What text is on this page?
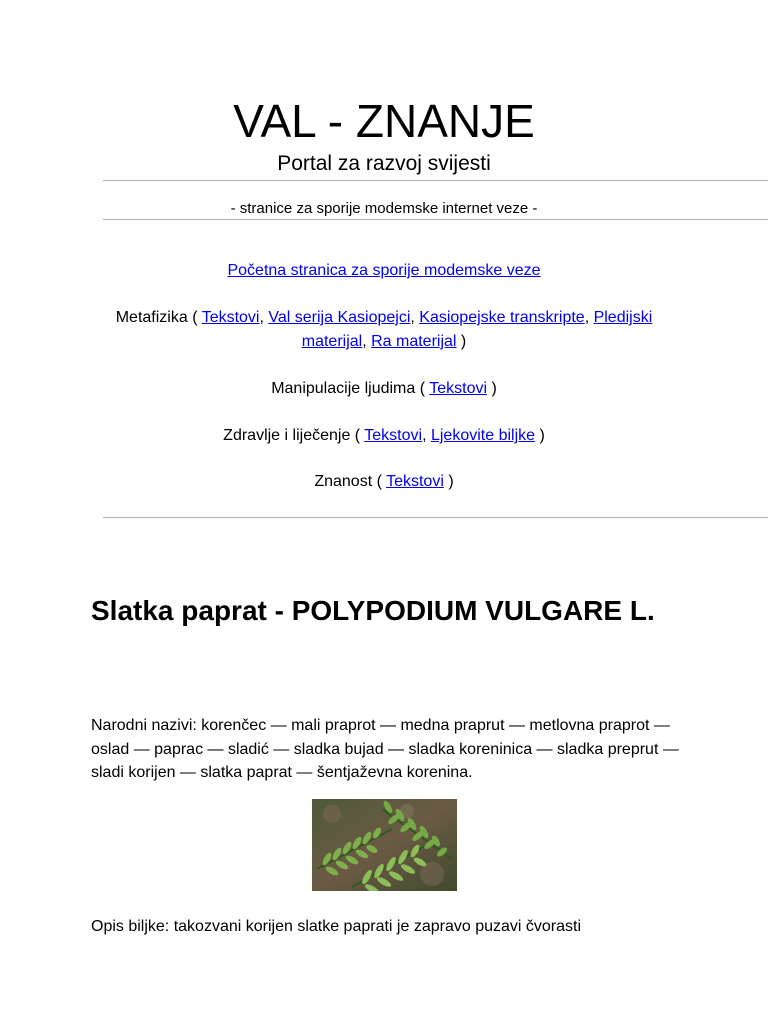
VAL - ZNANJE
Portal za razvoj svijesti
- stranice za sporije modemske internet veze -
Početna stranica za sporije modemske veze
Metafizika ( Tekstovi, Val serija Kasiopejci, Kasiopejske transkripte, Pledijski materijal, Ra materijal )
Manipulacije ljudima ( Tekstovi )
Zdravlje i liječenje ( Tekstovi, Ljekovite biljke )
Znanost ( Tekstovi )
Slatka paprat - POLYPODIUM VULGARE L.

Narodni nazivi: korenčec — mali praprot — medna praprut — metlovna praprot — oslad — paprac — sladić — sladka bujad — sladka koreninica — sladka preprut — sladi korijen — slatka paprat — šentjaževna korenina.

Opis biljke: takozvani korijen slatke paprati je zapravo puzavi čvorasti
